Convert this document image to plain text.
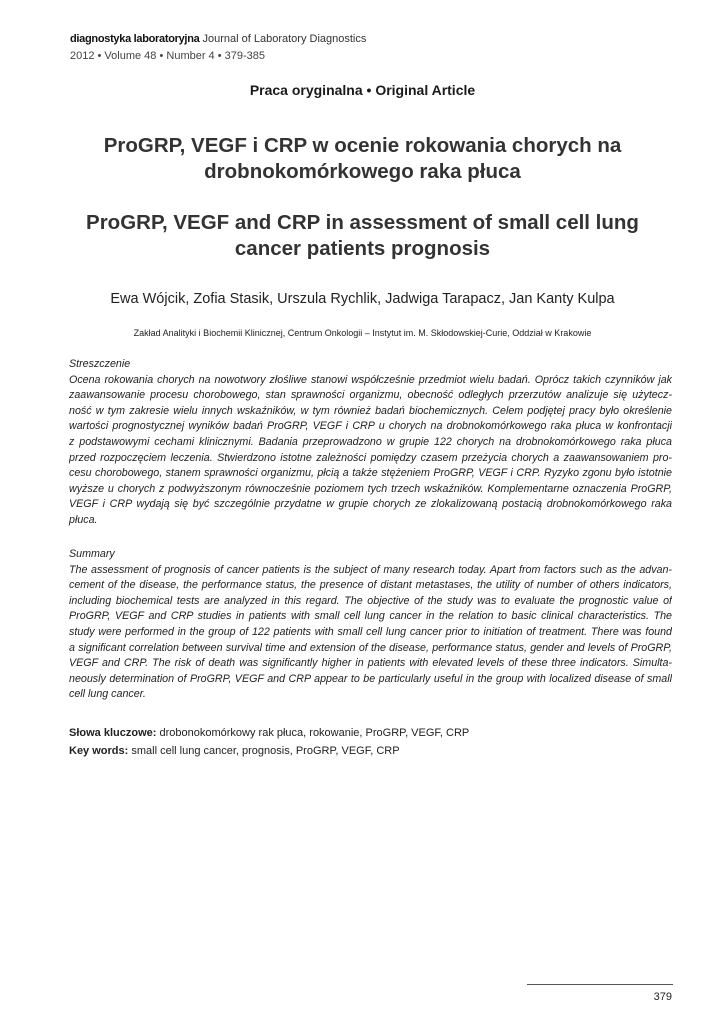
diagnostyka laboratoryjna Journal of Laboratory Diagnostics
2012 • Volume 48 • Number 4 • 379-385
Praca oryginalna • Original Article
ProGRP, VEGF i CRP w ocenie rokowania chorych na drobnokomórkowego raka płuca
ProGRP, VEGF and CRP in assessment of small cell lung cancer patients prognosis
Ewa Wójcik, Zofia Stasik, Urszula Rychlik, Jadwiga Tarapacz, Jan Kanty Kulpa
Zakład Analityki i Biochemii Klinicznej, Centrum Onkologii – Instytut im. M. Skłodowskiej-Curie, Oddział w Krakowie
Streszczenie
Ocena rokowania chorych na nowotwory złośliwe stanowi współcześnie przedmiot wielu badań. Oprócz takich czynników jak
zaawansowanie procesu chorobowego, stan sprawności organizmu, obecność odległych przerzutów analizuje się użytecz-
ność w tym zakresie wielu innych wskaźników, w tym również badań biochemicznych. Celem podjętej pracy było określenie
wartości prognostycznej wyników badań ProGRP, VEGF i CRP u chorych na drobnokomórkowego raka płuca w konfrontacji
z podstawowymi cechami klinicznymi. Badania przeprowadzono w grupie 122 chorych na drobnokomórkowego raka płuca
przed rozpoczęciem leczenia. Stwierdzono istotne zależności pomiędzy czasem przeżycia chorych a zaawansowaniem pro-
cesu chorobowego, stanem sprawności organizmu, płcią a także stężeniem ProGRP, VEGF i CRP. Ryzyko zgonu było istotnie
wyższe u chorych z podwyższonym równocześnie poziomem tych trzech wskaźników. Komplementarne oznaczenia ProGRP,
VEGF i CRP wydają się być szczególnie przydatne w grupie chorych ze zlokalizowaną postacią drobnokomórkowego raka
płuca.
Summary
The assessment of prognosis of cancer patients is the subject of many research today. Apart from factors such as the advan-
cement of the disease, the performance status, the presence of distant metastases, the utility of number of others indicators,
including biochemical tests are analyzed in this regard. The objective of the study was to evaluate the prognostic value of
ProGRP, VEGF and CRP studies in patients with small cell lung cancer in the relation to basic clinical characteristics. The
study were performed in the group of 122 patients with small cell lung cancer prior to initiation of treatment. There was found
a significant correlation between survival time and extension of the disease, performance status, gender and levels of ProGRP,
VEGF and CRP. The risk of death was significantly higher in patients with elevated levels of these three indicators. Simulta-
neously determination of ProGRP, VEGF and CRP appear to be particularly useful in the group with localized disease of small
cell lung cancer.
Słowa kluczowe: drobonokomórkowy rak płuca, rokowanie, ProGRP, VEGF, CRP
Key words: small cell lung cancer, prognosis, ProGRP, VEGF, CRP
379
